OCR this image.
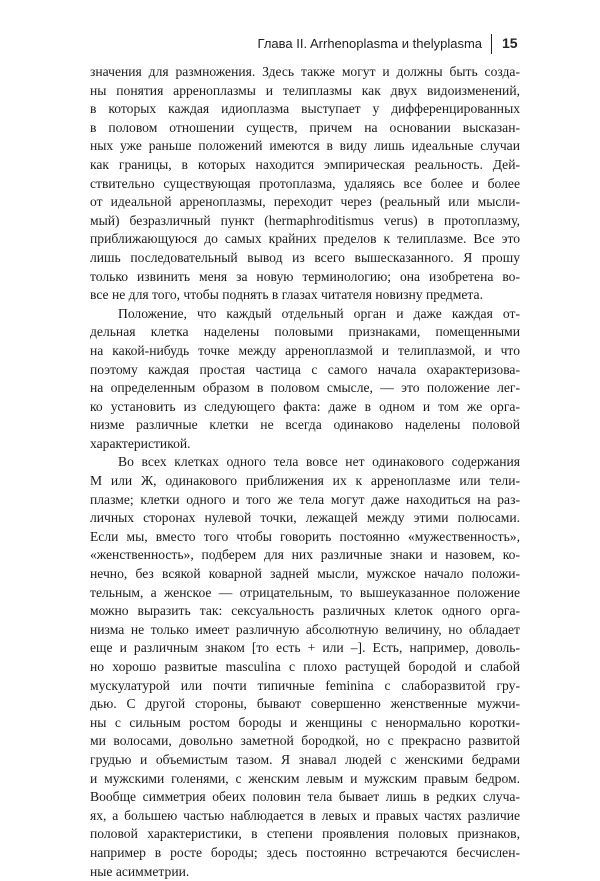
Глава II. Arrhenoplasma и thelyplasma 15
значения для размножения. Здесь также могут и должны быть созда-
ны понятия арреноплазмы и телиплазмы как двух видоизменений,
в которых каждая идиоплазма выступает у дифференцированных
в половом отношении существ, причем на основании высказан-
ных уже раньше положений имеются в виду лишь идеальные случаи
как границы, в которых находится эмпирическая реальность. Дей-
ствительно существующая протоплазма, удаляясь все более и более
от идеальной арреноплазмы, переходит через (реальный или мысли-
мый) безразличный пункт (hermaphroditismus verus) в протоплазму,
приближающуюся до самых крайних пределов к телиплазме. Все это
лишь последовательный вывод из всего вышесказанного. Я прошу
только извинить меня за новую терминологию; она изобретена во-
все не для того, чтобы поднять в глазах читателя новизну предмета.
Положение, что каждый отдельный орган и даже каждая от-
дельная клетка наделены половыми признаками, помещенными
на какой-нибудь точке между арреноплазмой и телиплазмой, и что
поэтому каждая простая частица с самого начала охарактеризова-
на определенным образом в половом смысле, — это положение лег-
ко установить из следующего факта: даже в одном и том же орга-
низме различные клетки не всегда одинаково наделены половой
характеристикой.
Во всех клетках одного тела вовсе нет одинакового содержания
М или Ж, одинакового приближения их к арреноплазме или тели-
плазме; клетки одного и того же тела могут даже находиться на раз-
личных сторонах нулевой точки, лежащей между этими полюсами.
Если мы, вместо того чтобы говорить постоянно «мужественность»,
«женственность», подберем для них различные знаки и назовем, ко-
нечно, без всякой коварной задней мысли, мужское начало положи-
тельным, а женское — отрицательным, то вышеуказанное положение
можно выразить так: сексуальность различных клеток одного орга-
низма не только имеет различную абсолютную величину, но обладает
еще и различным знаком [то есть + или –]. Есть, например, доволь-
но хорошо развитые masculina с плохо растущей бородой и слабой
мускулатурой или почти типичные feminina с слаборазвитой гру-
дью. С другой стороны, бывают совершенно женственные мужчи-
ны с сильным ростом бороды и женщины с ненормально коротки-
ми волосами, довольно заметной бородкой, но с прекрасно развитой
грудью и объемистым тазом. Я знавал людей с женскими бедрами
и мужскими голенями, с женским левым и мужским правым бедром.
Вообще симметрия обеих половин тела бывает лишь в редких случа-
ях, а большею частью наблюдается в левых и правых частях различие
половой характеристики, в степени проявления половых признаков,
например в росте бороды; здесь постоянно встречаются бесчислен-
ные асимметрии.
